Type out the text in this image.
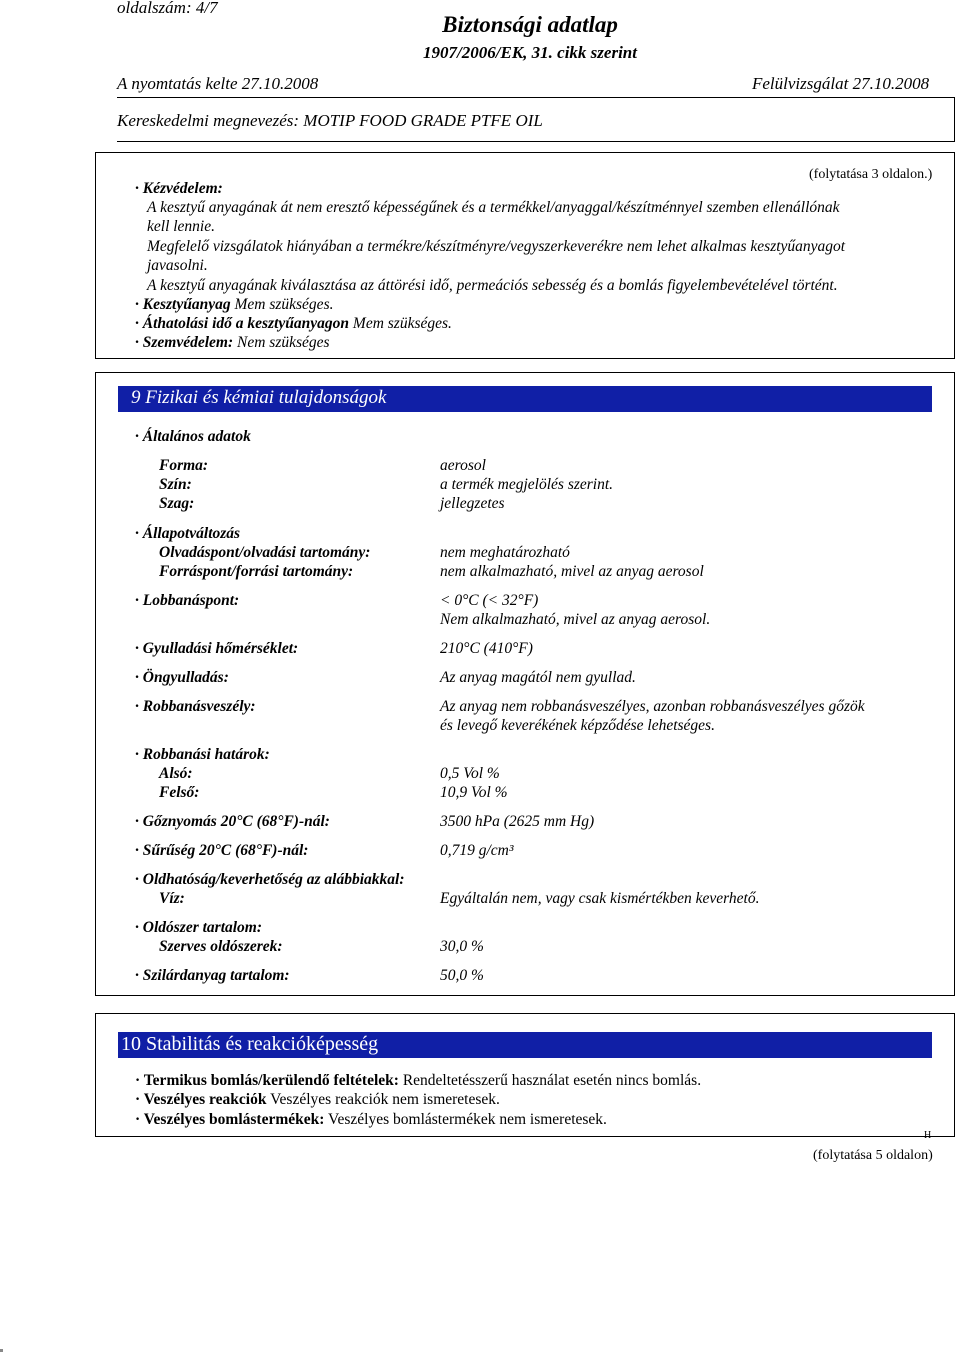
oldalszám: 4/7
Biztonsági adatlap
1907/2006/EK, 31. cikk szerint
A nyomtatás kelte 27.10.2008	Felülvizsgálat 27.10.2008
Kereskedelmi megnevezés: MOTIP FOOD GRADE PTFE OIL
(folytatása 3 oldalon.)
· Kézvédelem:
A kesztyű anyagának át nem eresztő képességűnek és a termékkel/anyaggal/készítménnyel szemben ellenállónak
kell lennie.
Megfelelő vizsgálatok hiányában a termékre/készítményre/vegyszerkeverékre nem lehet alkalmas kesztyűanyagot
javasolni.
A kesztyű anyagának kiválasztása az áttörési idő, permeációs sebesség és a bomlás figyelembevételével történt.
· Kesztyűanyag Mem szükséges.
· Áthatolási idő a kesztyűanyagon Mem szükséges.
· Szemvédelem: Nem szükséges
9 Fizikai és kémiai tulajdonságok
· Általános adatok
Forma:	aerosol
Szín:	a termék megjelölés szerint.
Szag:	jellegzetes
· Állapotváltozás
Olvadáspont/olvadási tartomány:	nem meghatározható
Forráspont/forrási tartomány:	nem alkalmazható, mivel az anyag aerosol
· Lobbanáspont:	< 0°C (< 32°F)
Nem alkalmazható, mivel az anyag aerosol.
· Gyulladási hőmérséklet:	210°C (410°F)
· Öngyulladás:	Az anyag magától nem gyullad.
· Robbanásveszély:	Az anyag nem robbanásveszélyes, azonban robbanásveszélyes gőzök
és levegő keverékének képződése lehetséges.
· Robbanási határok:
Alsó:	0,5 Vol %
Felső:	10,9 Vol %
· Gőznyomás 20°C (68°F)-nál:	3500 hPa (2625 mm Hg)
· Sűrűség 20°C (68°F)-nál:	0,719 g/cm³
· Oldhatóság/keverhetőség az alábbiakkal:
Víz:	Egyáltalán nem, vagy csak kismértékben keverhető.
· Oldószer tartalom:
Szerves oldószerek:	30,0 %
· Szilárdanyag tartalom:	50,0 %
10 Stabilitás és reakcióképesség
· Termikus bomlás/kerülendő feltételek: Rendeltetésszerű használat esetén nincs bomlás.
· Veszélyes reakciók Veszélyes reakciók nem ismeretesek.
· Veszélyes bomlástermékek: Veszélyes bomlástermékek nem ismeretesek.
H
(folytatása 5 oldalon)
